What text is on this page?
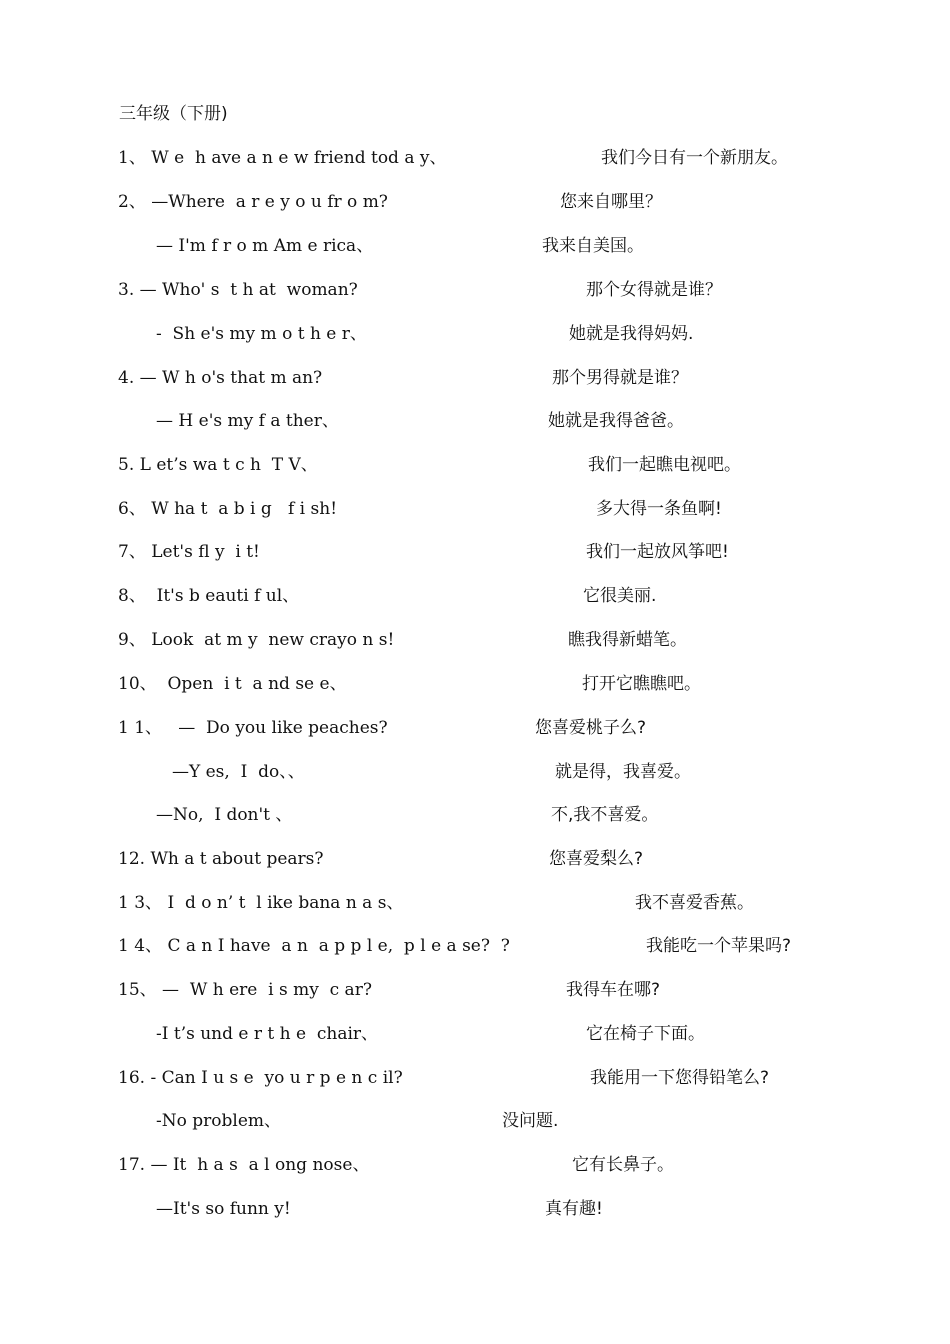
三年级（下册)
1、 W e  h ave a n e w friend tod a y、	我们今日有一个新朋友。
2、 —Where  a r e y o u fr o m?	您来自哪里？
— I'm f r o m Am e rica、	我来自美国。
3. — Who' s  t h at  woman?	那个女得就是谁？
-  Sh e's my m o t h e r、	她就是我得妈妈.
4. — W h o's that m an?	那个男得就是谁？
— H e's my f a ther、	她就是我得爸爸。
5. L et’s wa t c h  T V、	我们一起瞧电视吧。
6、 W ha t  a b i g   f i sh!	多大得一条鱼啊!
7、 Let's fl y  i t!	我们一起放风筝吧!
8、  It's b eauti f ul、	它很美丽.
9、 Look  at m y  new crayo n s!	瞧我得新蜡笔。
10、  Open  i t  a nd se e、	打开它瞧瞧吧。
1 1、   —  Do you like peaches?	您喜爱桃子么?
—Y es,  I  do、、	就是得，我喜爱。
—No,  I don't 、	不,我不喜爱。
12. Wh a t about pears?	您喜爱梨么?
1 3、 I  d o n’ t  l ike bana n a s、	我不喜爱香蕉。
1 4、 C a n I have  a n  a p p l e,  p l e a se?  ?	我能吃一个苹果吗?
15、 —  W h ere  i s my  c ar?	我得车在哪?
-I t’s und e r t h e  chair、	它在椅子下面。
16. - Can I u s e  yo u r p e n c il?	我能用一下您得铅笔么?
-No problem、	没问题.
17. — It  h a s  a l ong nose、	它有长鼻子。
—It's so funn y!	真有趣!
